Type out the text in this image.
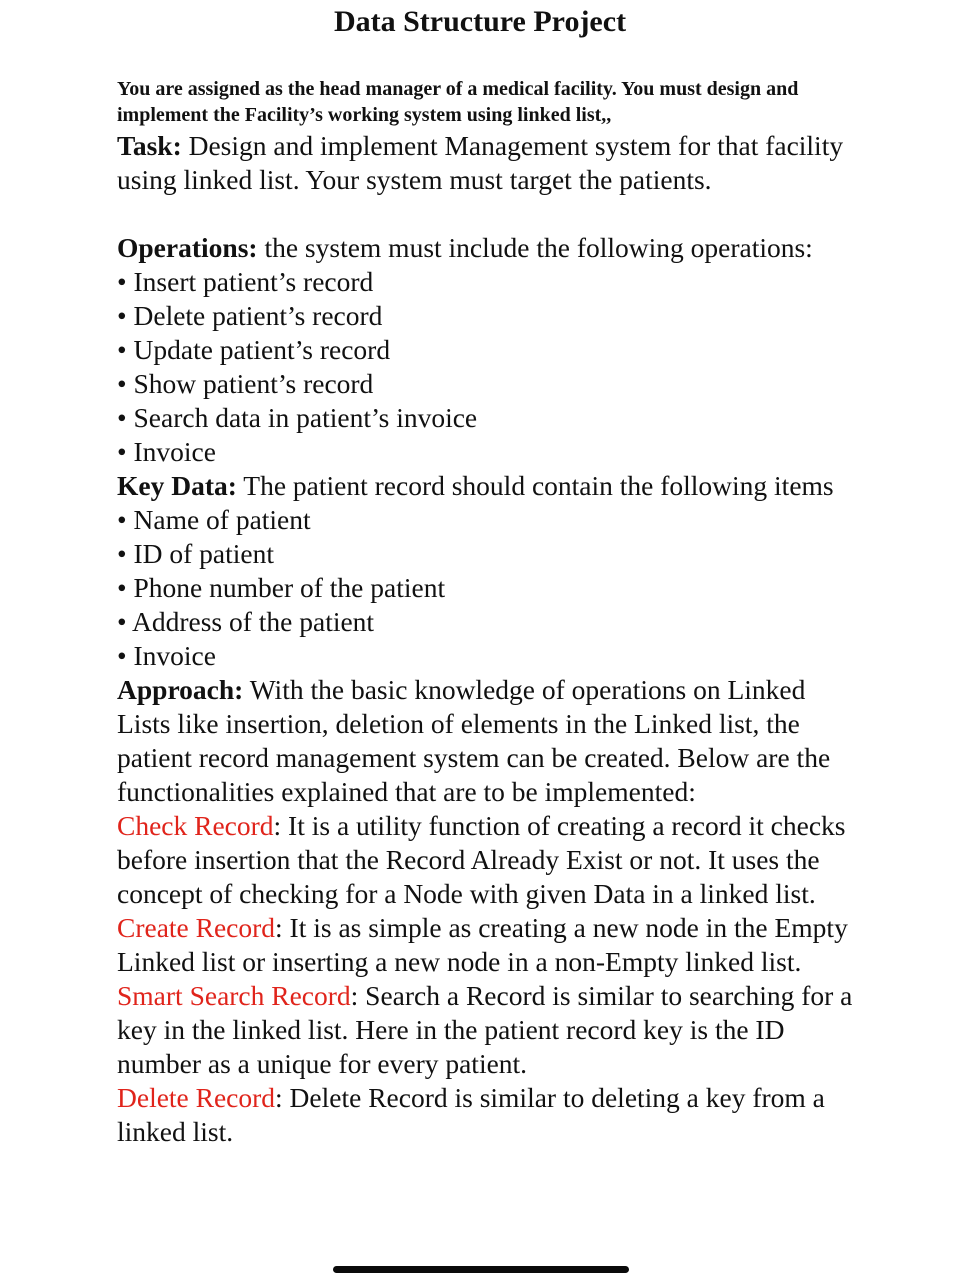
Data Structure Project
You are assigned as the head manager of a medical facility. You must design and implement the Facility’s working system using linked list,,

Task: Design and implement Management system for that facility using linked list. Your system must target the patients.

Operations: the system must include the following operations:

• Insert patient’s record

• Delete patient’s record

• Update patient’s record

• Show patient’s record

• Search data in patient’s invoice

• Invoice

Key Data: The patient record should contain the following items

• Name of patient

• ID of patient

• Phone number of the patient

• Address of the patient

• Invoice

Approach: With the basic knowledge of operations on Linked Lists like insertion, deletion of elements in the Linked list, the patient record management system can be created. Below are the functionalities explained that are to be implemented:

Check Record: It is a utility function of creating a record it checks before insertion that the Record Already Exist or not. It uses the concept of checking for a Node with given Data in a linked list.

Create Record: It is as simple as creating a new node in the Empty Linked list or inserting a new node in a non-Empty linked list.

Smart Search Record: Search a Record is similar to searching for a key in the linked list. Here in the patient record key is the ID number as a unique for every patient.

Delete Record: Delete Record is similar to deleting a key from a linked list.
